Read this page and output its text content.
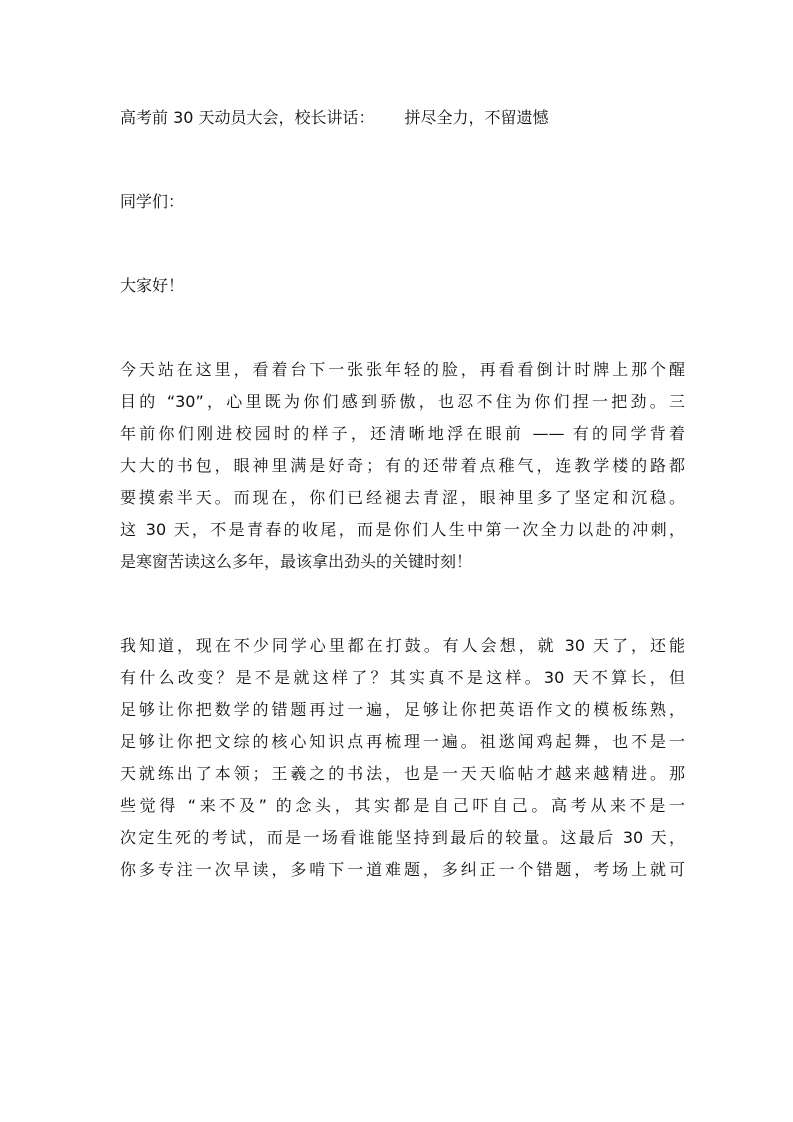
高考前 30 天动员大会，校长讲话： 拼尽全力，不留遗憾
同学们：
大家好！
今天站在这里，看着台下一张张年轻的脸，再看看倒计时牌上那个醒
目的 “30”，心里既为你们感到骄傲，也忍不住为你们捏一把劲。三
年前你们刚进校园时的样子，还清晰地浮在眼前 —— 有的同学背着
大大的书包，眼神里满是好奇；有的还带着点稚气，连教学楼的路都
要摸索半天。而现在，你们已经褪去青涩，眼神里多了坚定和沉稳。
这 30 天，不是青春的收尾，而是你们人生中第一次全力以赴的冲刺，
是寒窗苦读这么多年，最该拿出劲头的关键时刻！
我知道，现在不少同学心里都在打鼓。有人会想，就 30 天了，还能
有什么改变？是不是就这样了？其实真不是这样。30 天不算长，但
足够让你把数学的错题再过一遍，足够让你把英语作文的模板练熟，
足够让你把文综的核心知识点再梳理一遍。祖逖闻鸡起舞，也不是一
天就练出了本领；王羲之的书法，也是一天天临帖才越来越精进。那
些觉得 “来不及” 的念头，其实都是自己吓自己。高考从来不是一
次定生死的考试，而是一场看谁能坚持到最后的较量。这最后 30 天，
你多专注一次早读，多啃下一道难题，多纠正一个错题，考场上就可
